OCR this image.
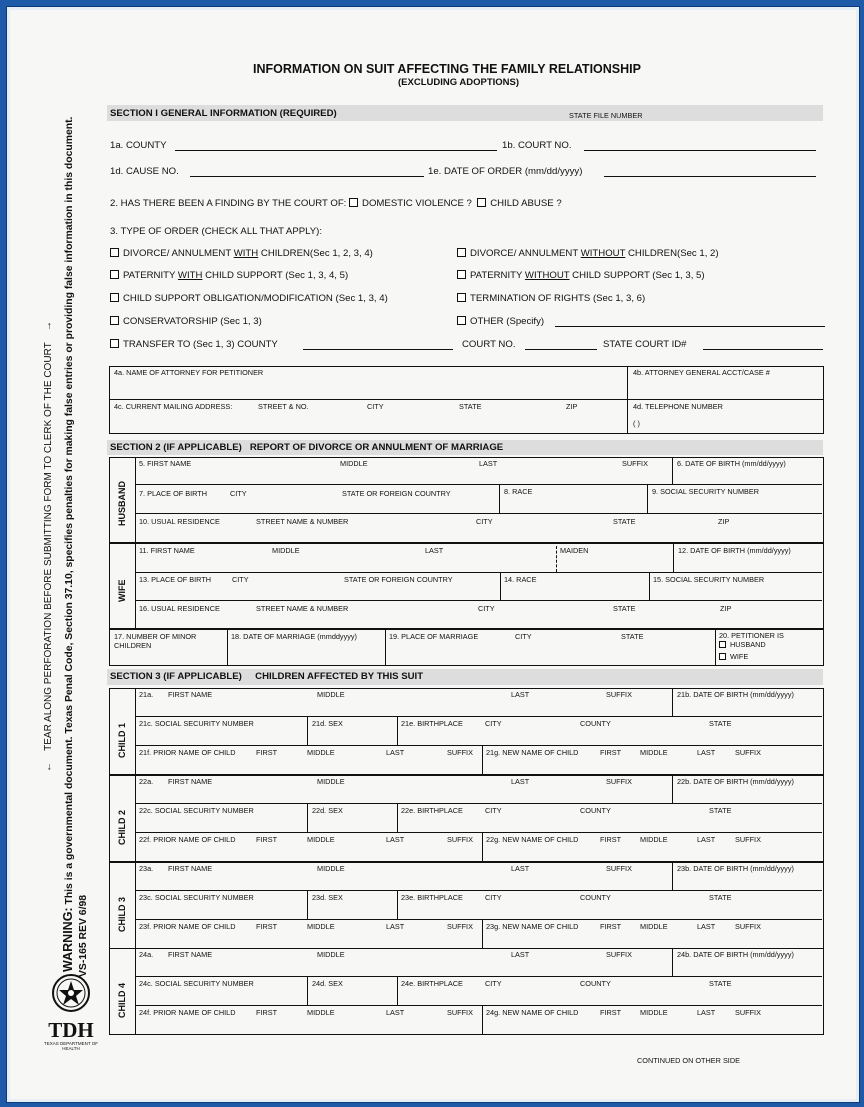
←    TEAR ALONG PERFORATION BEFORE SUBMITTING FORM TO CLERK OF THE COURT    →
WARNING: This is a governmental document. Texas Penal Code, Section 37.10, specifies penalties for making false entries or providing false information in this document.
VS-165 REV 6/98
TDH
TEXAS DEPARTMENT OF HEALTH
INFORMATION ON SUIT AFFECTING THE FAMILY RELATIONSHIP
(EXCLUDING ADOPTIONS)
SECTION I GENERAL INFORMATION (REQUIRED)	STATE FILE NUMBER
1a. COUNTY	1b. COURT NO.
1d. CAUSE NO.	1e. DATE OF ORDER (mm/dd/yyyy)
2. HAS THERE BEEN A FINDING BY THE COURT OF: DOMESTIC VIOLENCE ? CHILD ABUSE ?
3. TYPE OF ORDER (CHECK ALL THAT APPLY):
DIVORCE/ ANNULMENT WITH CHILDREN(Sec 1, 2, 3, 4)	DIVORCE/ ANNULMENT WITHOUT CHILDREN(Sec 1, 2)
PATERNITY WITH CHILD SUPPORT (Sec 1, 3, 4, 5)	PATERNITY WITHOUT CHILD SUPPORT (Sec 1, 3, 5)
CHILD SUPPORT OBLIGATION/MODIFICATION (Sec 1, 3, 4)	TERMINATION OF RIGHTS (Sec 1, 3, 6)
CONSERVATORSHIP (Sec 1, 3)	OTHER (Specify)
TRANSFER TO (Sec 1, 3) COUNTY	COURT NO.	STATE COURT ID#
4a. NAME OF ATTORNEY FOR PETITIONER	4b. ATTORNEY GENERAL ACCT/CASE #
4c. CURRENT MAILING ADDRESS:	STREET & NO.	CITY	STATE	ZIP	4d. TELEPHONE NUMBER
( )
SECTION 2 (IF APPLICABLE) REPORT OF DIVORCE OR ANNULMENT OF MARRIAGE
HUSBAND
5. FIRST NAME	MIDDLE	LAST	SUFFIX	6. DATE OF BIRTH (mm/dd/yyyy)
7. PLACE OF BIRTH	CITY	STATE OR FOREIGN COUNTRY	8. RACE	9. SOCIAL SECURITY NUMBER
10. USUAL RESIDENCE	STREET NAME & NUMBER	CITY	STATE	ZIP
WIFE
11. FIRST NAME	MIDDLE	LAST	MAIDEN	12. DATE OF BIRTH (mm/dd/yyyy)
13. PLACE OF BIRTH	CITY	STATE OR FOREIGN COUNTRY	14. RACE	15. SOCIAL SECURITY NUMBER
16. USUAL RESIDENCE	STREET NAME & NUMBER	CITY	STATE	ZIP
17. NUMBER OF MINOR
CHILDREN
18. DATE OF MARRIAGE (mmddyyyy)	19. PLACE OF MARRIAGE	CITY	STATE	20. PETITIONER IS
HUSBAND
WIFE
SECTION 3 (IF APPLICABLE) CHILDREN AFFECTED BY THIS SUIT
CHILD 1
21a. FIRST NAME	MIDDLE	LAST	SUFFIX	21b. DATE OF BIRTH (mm/dd/yyyy)
21c. SOCIAL SECURITY NUMBER	21d. SEX	21e. BIRTHPLACE	CITY	COUNTY	STATE
21f. PRIOR NAME OF CHILD	FIRST	MIDDLE	LAST	SUFFIX 21g. NEW NAME OF CHILD	FIRST	MIDDLE	LAST	SUFFIX
CHILD 2
22a. FIRST NAME	MIDDLE	LAST	SUFFIX	22b. DATE OF BIRTH (mm/dd/yyyy)
22c. SOCIAL SECURITY NUMBER	22d. SEX	22e. BIRTHPLACE	CITY	COUNTY	STATE
22f. PRIOR NAME OF CHILD	FIRST	MIDDLE	LAST	SUFFIX 22g. NEW NAME OF CHILD	FIRST	MIDDLE	LAST	SUFFIX
CHILD 3
23a. FIRST NAME	MIDDLE	LAST	SUFFIX	23b. DATE OF BIRTH (mm/dd/yyyy)
23c. SOCIAL SECURITY NUMBER	23d. SEX	23e. BIRTHPLACE	CITY	COUNTY	STATE
23f. PRIOR NAME OF CHILD	FIRST	MIDDLE	LAST	SUFFIX 23g. NEW NAME OF CHILD	FIRST	MIDDLE	LAST	SUFFIX
CHILD 4
24a. FIRST NAME	MIDDLE	LAST	SUFFIX	24b. DATE OF BIRTH (mm/dd/yyyy)
24c. SOCIAL SECURITY NUMBER	24d. SEX	24e. BIRTHPLACE	CITY	COUNTY	STATE
24f. PRIOR NAME OF CHILD	FIRST	MIDDLE	LAST	SUFFIX 24g. NEW NAME OF CHILD	FIRST	MIDDLE	LAST	SUFFIX
CONTINUED ON OTHER SIDE
